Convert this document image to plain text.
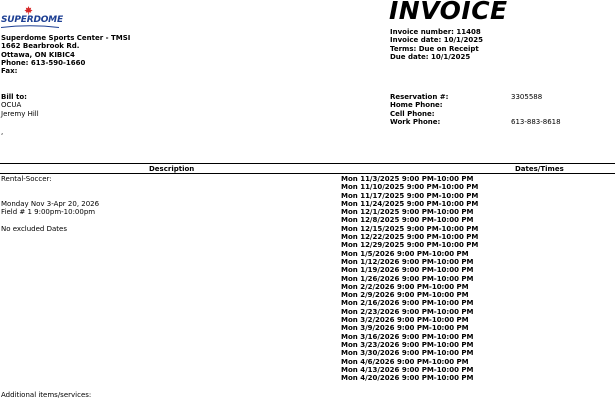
SUPERDOME
Superdome Sports Center - TMSI
1662 Bearbrook Rd.
Ottawa, ON KIBIC4
Phone: 613-590-1660
Fax:
INVOICE
Invoice number: 11408
Invoice date: 10/1/2025
Terms: Due on Receipt
Due date: 10/1/2025
Bill to:
OCUA
Jeremy Hill
,
Reservation #:	3305588
Home Phone:
Cell Phone:
Work Phone:	613-883-8618
Description	Dates/Times
Rental-Soccer:
Monday Nov 3-Apr 20, 2026
Field # 1 9:00pm-10:00pm
No excluded Dates
Mon 11/3/2025 9:00 PM-10:00 PM
Mon 11/10/2025 9:00 PM-10:00 PM
Mon 11/17/2025 9:00 PM-10:00 PM
Mon 11/24/2025 9:00 PM-10:00 PM
Mon 12/1/2025 9:00 PM-10:00 PM
Mon 12/8/2025 9:00 PM-10:00 PM
Mon 12/15/2025 9:00 PM-10:00 PM
Mon 12/22/2025 9:00 PM-10:00 PM
Mon 12/29/2025 9:00 PM-10:00 PM
Mon 1/5/2026 9:00 PM-10:00 PM
Mon 1/12/2026 9:00 PM-10:00 PM
Mon 1/19/2026 9:00 PM-10:00 PM
Mon 1/26/2026 9:00 PM-10:00 PM
Mon 2/2/2026 9:00 PM-10:00 PM
Mon 2/9/2026 9:00 PM-10:00 PM
Mon 2/16/2026 9:00 PM-10:00 PM
Mon 2/23/2026 9:00 PM-10:00 PM
Mon 3/2/2026 9:00 PM-10:00 PM
Mon 3/9/2026 9:00 PM-10:00 PM
Mon 3/16/2026 9:00 PM-10:00 PM
Mon 3/23/2026 9:00 PM-10:00 PM
Mon 3/30/2026 9:00 PM-10:00 PM
Mon 4/6/2026 9:00 PM-10:00 PM
Mon 4/13/2026 9:00 PM-10:00 PM
Mon 4/20/2026 9:00 PM-10:00 PM
Additional items/services:
